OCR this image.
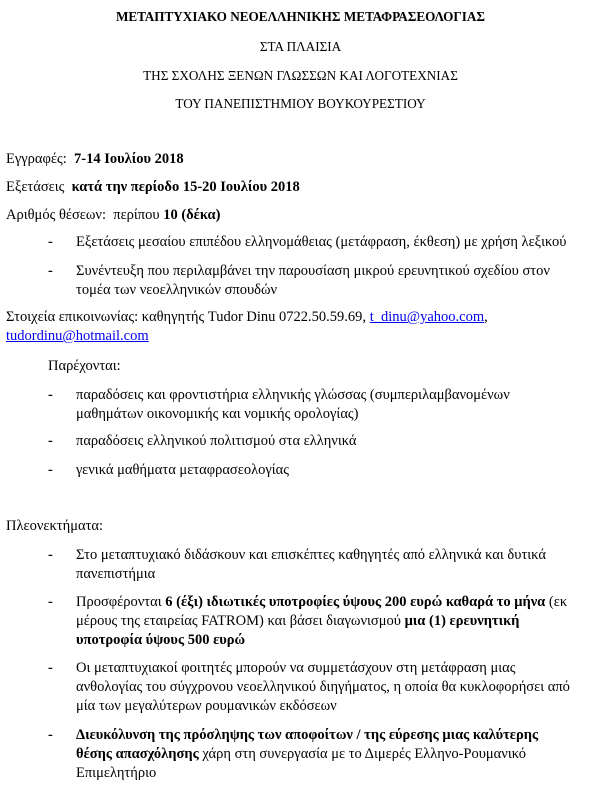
ΜΕΤΑΠΤΥΧΙΑΚΟ ΝΕΟΕΛΛΗΝΙΚΗΣ ΜΕΤΑΦΡΑΣΕΟΛΟΓΙΑΣ
ΣΤΑ ΠΛΑΙΣΙΑ
ΤΗΣ ΣΧΟΛΗΣ ΞΕΝΩΝ ΓΛΩΣΣΩΝ ΚΑΙ ΛΟΓΟΤΕΧΝΙΑΣ
ΤΟΥ ΠΑΝΕΠΙΣΤΗΜΙΟΥ ΒΟΥΚΟΥΡΕΣΤΙΟΥ
Εγγραφές: 7-14 Ιουλίου 2018
Εξετάσεις κατά την περίοδο 15-20 Ιουλίου 2018
Αριθμός θέσεων: περίπου 10 (δέκα)
- Εξετάσεις μεσαίου επιπέδου ελληνομάθειας (μετάφραση, έκθεση) με χρήση λεξικού
- Συνέντευξη που περιλαμβάνει την παρουσίαση μικρού ερευνητικού σχεδίου στον
τομέα των νεοελληνικών σπουδών
Στοιχεία επικοινωνίας: καθηγητής Tudor Dinu 0722.50.59.69, t_dinu@yahoo.com,
tudordinu@hotmail.com
Παρέχονται:
- παραδόσεις και φροντιστήρια ελληνικής γλώσσας (συμπεριλαμβανομένων
μαθημάτων οικονομικής και νομικής ορολογίας)
- παραδόσεις ελληνικού πολιτισμού στα ελληνικά
- γενικά μαθήματα μεταφρασεολογίας
Πλεονεκτήματα:
- Στο μεταπτυχιακό διδάσκουν και επισκέπτες καθηγητές από ελληνικά και δυτικά
πανεπιστήμια
- Προσφέρονται 6 (έξι) ιδιωτικές υποτροφίες ύψους 200 ευρώ καθαρά το μήνα (εκ
μέρους της εταιρείας FATROM) και βάσει διαγωνισμού μια (1) ερευνητική
υποτροφία ύψους 500 ευρώ
- Οι μεταπτυχιακοί φοιτητές μπορούν να συμμετάσχουν στη μετάφραση μιας
ανθολογίας του σύγχρονου νεοελληνικού διηγήματος, η οποία θα κυκλοφορήσει από
μία των μεγαλύτερων ρουμανικών εκδόσεων
- Διευκόλυνση της πρόσληψης των αποφοίτων / της εύρεσης μιας καλύτερης
θέσης απασχόλησης χάρη στη συνεργασία με το Διμερές Ελληνο-Ρουμανικό
Επιμελητήριο
